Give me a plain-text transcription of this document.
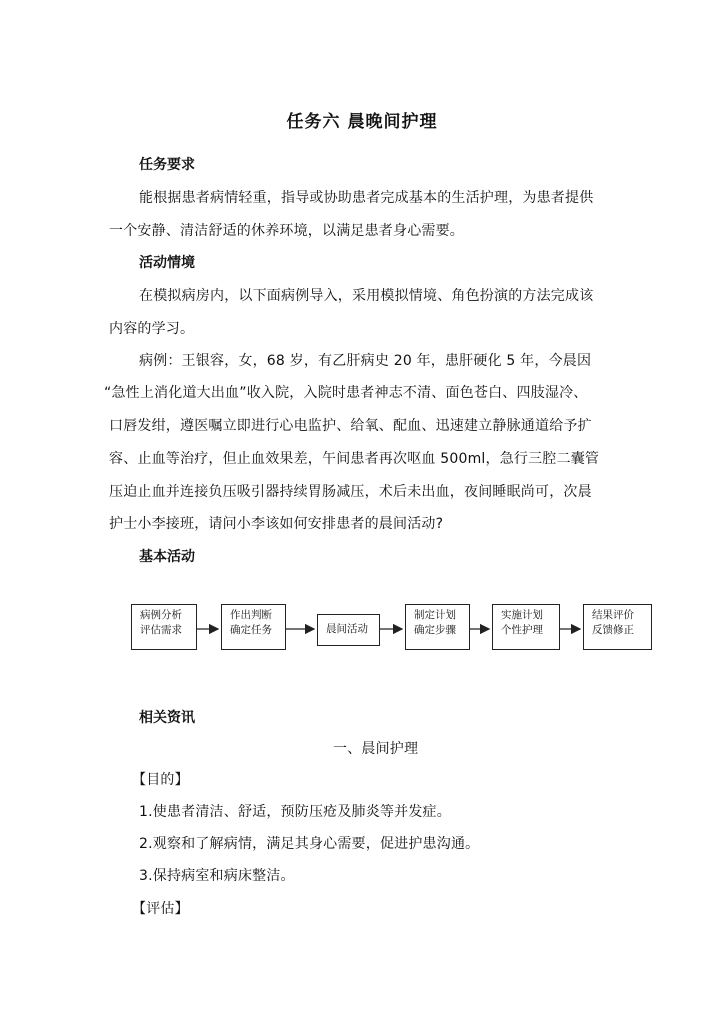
任务六 晨晚间护理
任务要求
能根据患者病情轻重，指导或协助患者完成基本的生活护理，为患者提供
一个安静、清洁舒适的休养环境，以满足患者身心需要。
活动情境
在模拟病房内，以下面病例导入，采用模拟情境、角色扮演的方法完成该
内容的学习。
病例：王银容，女，68 岁，有乙肝病史 20 年，患肝硬化 5 年，今晨因
“急性上消化道大出血”收入院，入院时患者神志不清、面色苍白、四肢湿冷、
口唇发绀，遵医嘱立即进行心电监护、给氧、配血、迅速建立静脉通道给予扩
容、止血等治疗，但止血效果差，午间患者再次呕血 500ml，急行三腔二囊管
压迫止血并连接负压吸引器持续胃肠减压，术后未出血，夜间睡眠尚可，次晨
护士小李接班，请问小李该如何安排患者的晨间活动?
基本活动
病例分析
评估需求
作出判断
确定任务	晨间活动
制定计划
确定步骤
实施计划
个性护理
结果评价
反馈修正
相关资讯
一、晨间护理
【目的】
1.使患者清洁、舒适，预防压疮及肺炎等并发症。
2.观察和了解病情，满足其身心需要，促进护患沟通。
3.保持病室和病床整洁。
【评估】
